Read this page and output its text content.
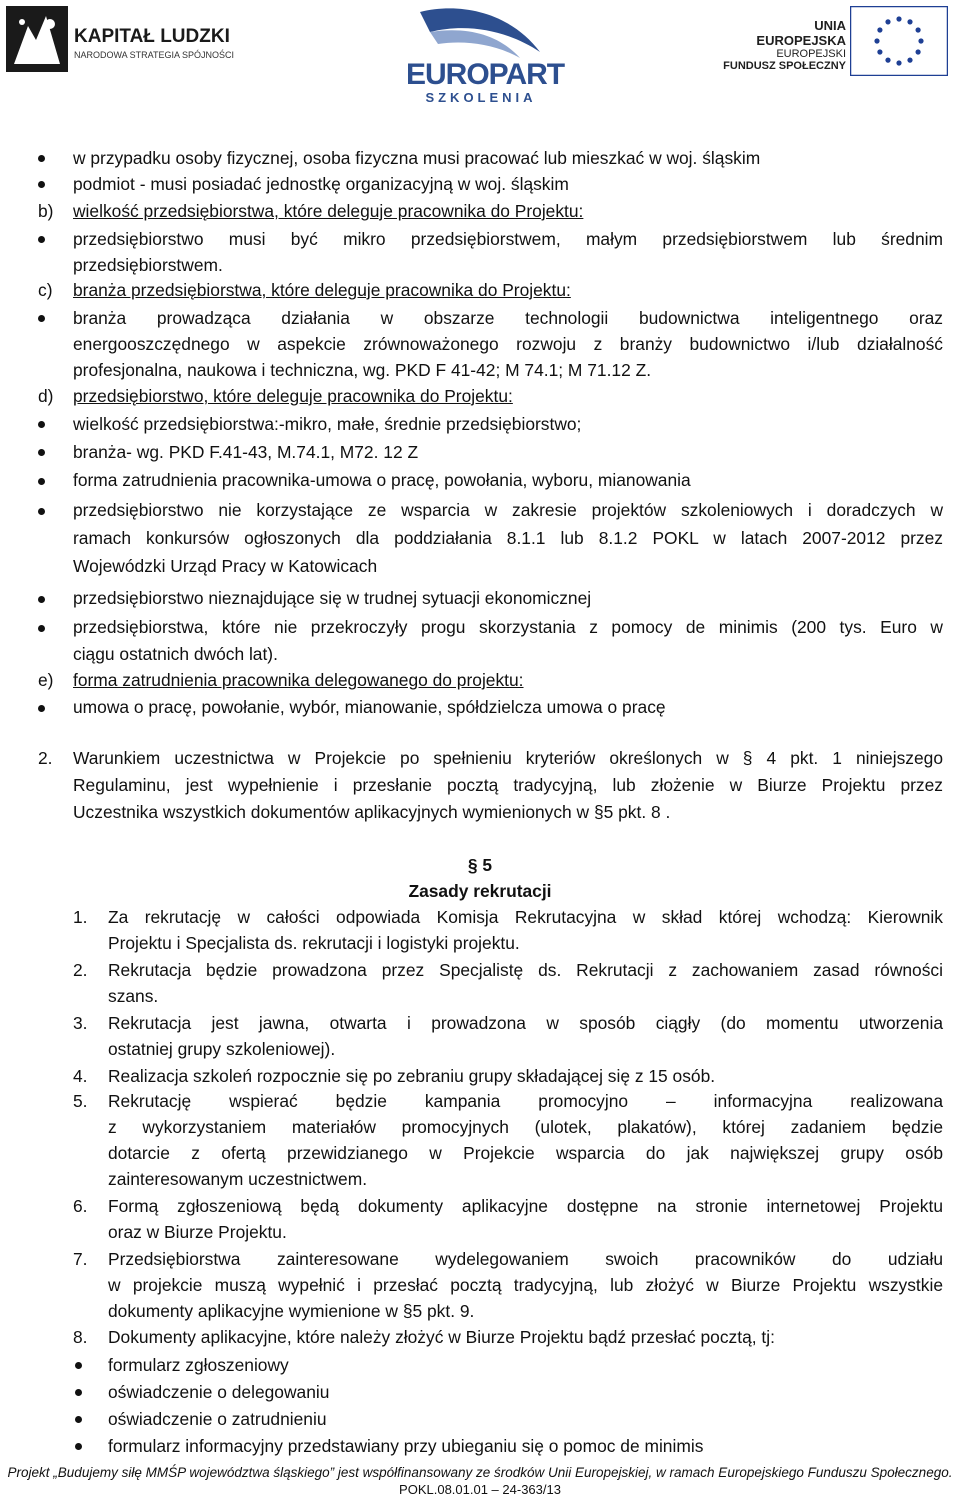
KAPITAŁ LUDZKI
NARODOWA STRATEGIA SPÓJNOŚCI
EUROPART
SZKOLENIA
UNIA EUROPEJSKA
EUROPEJSKI
FUNDUSZ SPOŁECZNY
w przypadku osoby fizycznej, osoba fizyczna musi pracować lub mieszkać w woj. śląskim
podmiot - musi posiadać jednostkę organizacyjną w woj. śląskim
b) wielkość przedsiębiorstwa, które deleguje pracownika do Projektu:
przedsiębiorstwo musi być mikro przedsiębiorstwem, małym przedsiębiorstwem lub średnim
przedsiębiorstwem.
c) branża przedsiębiorstwa, które deleguje pracownika do Projektu:
branża prowadząca działania w obszarze technologii budownictwa inteligentnego oraz
energooszczędnego w aspekcie zrównoważonego rozwoju z branży budownictwo i/lub działalność
profesjonalna, naukowa i techniczna, wg. PKD F 41-42; M 74.1; M 71.12 Z.
d) przedsiębiorstwo, które deleguje pracownika do Projektu:
wielkość przedsiębiorstwa:-mikro, małe, średnie przedsiębiorstwo;
branża- wg. PKD F.41-43, M.74.1, M72. 12 Z
forma zatrudnienia pracownika-umowa o pracę, powołania, wyboru, mianowania
przedsiębiorstwo nie korzystające ze wsparcia w zakresie projektów szkoleniowych i doradczych w
ramach konkursów ogłoszonych dla poddziałania 8.1.1 lub 8.1.2 POKL w latach 2007-2012 przez
Wojewódzki Urząd Pracy w Katowicach
przedsiębiorstwo nieznajdujące się w trudnej sytuacji ekonomicznej
przedsiębiorstwa, które nie przekroczyły progu skorzystania z pomocy de minimis (200 tys. Euro w
ciągu ostatnich dwóch lat).
e) forma zatrudnienia pracownika delegowanego do projektu:
umowa o pracę, powołanie, wybór, mianowanie, spółdzielcza umowa o pracę
2. Warunkiem uczestnictwa w Projekcie po spełnieniu kryteriów określonych w § 4 pkt. 1 niniejszego
Regulaminu, jest wypełnienie i przesłanie pocztą tradycyjną, lub złożenie w Biurze Projektu przez
Uczestnika wszystkich dokumentów aplikacyjnych wymienionych w §5 pkt. 8 .
§ 5
Zasady rekrutacji
1. Za rekrutację w całości odpowiada Komisja Rekrutacyjna w skład której wchodzą: Kierownik
Projektu i Specjalista ds. rekrutacji i logistyki projektu.
2. Rekrutacja będzie prowadzona przez Specjalistę ds. Rekrutacji z zachowaniem zasad równości
szans.
3. Rekrutacja jest jawna, otwarta i prowadzona w sposób ciągły (do momentu utworzenia
ostatniej grupy szkoleniowej).
4. Realizacja szkoleń rozpocznie się po zebraniu grupy składającej się z 15 osób.
5. Rekrutację wspierać będzie kampania promocyjno – informacyjna realizowana
z wykorzystaniem materiałów promocyjnych (ulotek, plakatów), której zadaniem będzie
dotarcie z ofertą przewidzianego w Projekcie wsparcia do jak największej grupy osób
zainteresowanym uczestnictwem.
6. Formą zgłoszeniową będą dokumenty aplikacyjne dostępne na stronie internetowej Projektu
oraz w Biurze Projektu.
7. Przedsiębiorstwa zainteresowane wydelegowaniem swoich pracowników do udziału
w projekcie muszą wypełnić i przesłać pocztą tradycyjną, lub złożyć w Biurze Projektu wszystkie
dokumenty aplikacyjne wymienione w §5 pkt. 9.
8. Dokumenty aplikacyjne, które należy złożyć w Biurze Projektu bądź przesłać pocztą, tj:
formularz zgłoszeniowy
oświadczenie o delegowaniu
oświadczenie o zatrudnieniu
formularz informacyjny przedstawiany przy ubieganiu się o pomoc de minimis
Projekt „Budujemy siłę MMŚP województwa śląskiego” jest współfinansowany ze środków Unii Europejskiej, w ramach Europejskiego Funduszu Społecznego.
POKL.08.01.01 – 24-363/13
